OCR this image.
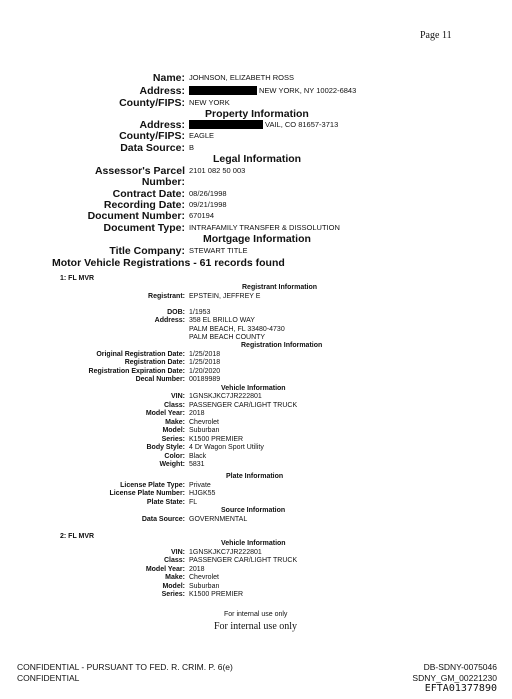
Page 11
Name: JOHNSON, ELIZABETH ROSS
Address:	NEW YORK, NY 10022-6843
County/FIPS: NEW YORK
Property Information
Address:	VAIL, CO 81657-3713
County/FIPS: EAGLE
Data Source: B
Legal Information
Assessor's Parcel 2101 082 50 003
Number:
Contract Date: 08/26/1998
Recording Date: 09/21/1998
Document Number: 670194
Document Type: INTRAFAMILY TRANSFER & DISSOLUTION
Mortgage Information
Title Company: STEWART TITLE
Motor Vehicle Registrations - 61 records found
1: FL MVR
Registrant Information
Registrant: EPSTEIN, JEFFREY E
DOB: 1/1953
Address: 358 EL BRILLO WAY
PALM BEACH, FL 33480-4730
PALM BEACH COUNTY
Registration Information
Original Registration Date: 1/25/2018
Registration Date: 1/25/2018
Registration Expiration Date: 1/20/2020
Decal Number: 00189989
Vehicle Information
VIN: 1GNSKJKC7JR222801
Class: PASSENGER CAR/LIGHT TRUCK
Model Year: 2018
Make: Chevrolet
Model: Suburban
Series: K1500 PREMIER
Body Style: 4 Dr Wagon Sport Utility
Color: Black
Weight: 5831
Plate Information
License Plate Type: Private
License Plate Number: HJGK55
Plate State: FL
Source Information
Data Source: GOVERNMENTAL
2: FL MVR
Vehicle Information
VIN: 1GNSKJKC7JR222801
Class: PASSENGER CAR/LIGHT TRUCK
Model Year: 2018
Make: Chevrolet
Model: Suburban
Series: K1500 PREMIER
For internal use only
For internal use only
CONFIDENTIAL - PURSUANT TO FED. R. CRIM. P. 6(e)
CONFIDENTIAL
DB-SDNY-0075046
SDNY_GM_00221230
EFTA01377890
